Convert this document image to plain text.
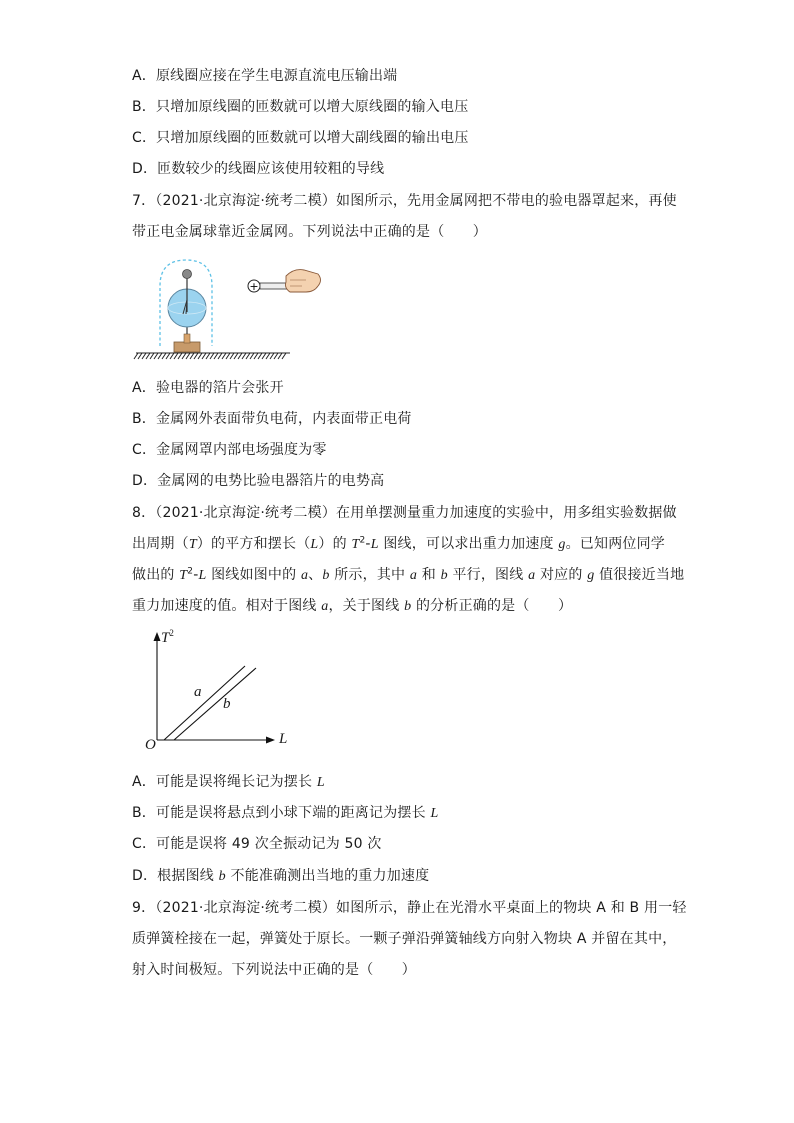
A．原线圈应接在学生电源直流电压输出端
B．只增加原线圈的匝数就可以增大原线圈的输入电压
C．只增加原线圈的匝数就可以增大副线圈的输出电压
D．匝数较少的线圈应该使用较粗的导线
7．（2021·北京海淀·统考二模）如图所示，先用金属网把不带电的验电器罩起来，再使
带正电金属球靠近金属网。下列说法中正确的是（　　）
+
A．验电器的箔片会张开
B．金属网外表面带负电荷，内表面带正电荷
C．金属网罩内部电场强度为零
D．金属网的电势比验电器箔片的电势高
8．（2021·北京海淀·统考二模）在用单摆测量重力加速度的实验中，用多组实验数据做
出周期（T）的平方和摆长（L）的 $T^2-L$ 图线，可以求出重力加速度 g。已知两位同学
做出的 $T^2-L$ 图线如图中的 a、b 所示，其中 a 和 b 平行，图线 a 对应的 g 值很接近当地
重力加速度的值。相对于图线 a，关于图线 b 的分析正确的是（　　）
$T^2$
L
O
a
b
A．可能是误将绳长记为摆长 L
B．可能是误将悬点到小球下端的距离记为摆长 L
C．可能是误将 49 次全振动记为 50 次
D．根据图线 b 不能准确测出当地的重力加速度
9．（2021·北京海淀·统考二模）如图所示，静止在光滑水平桌面上的物块 A 和 B 用一轻
质弹簧栓接在一起，弹簧处于原长。一颗子弹沿弹簧轴线方向射入物块 A 并留在其中，
射入时间极短。下列说法中正确的是（　　）
